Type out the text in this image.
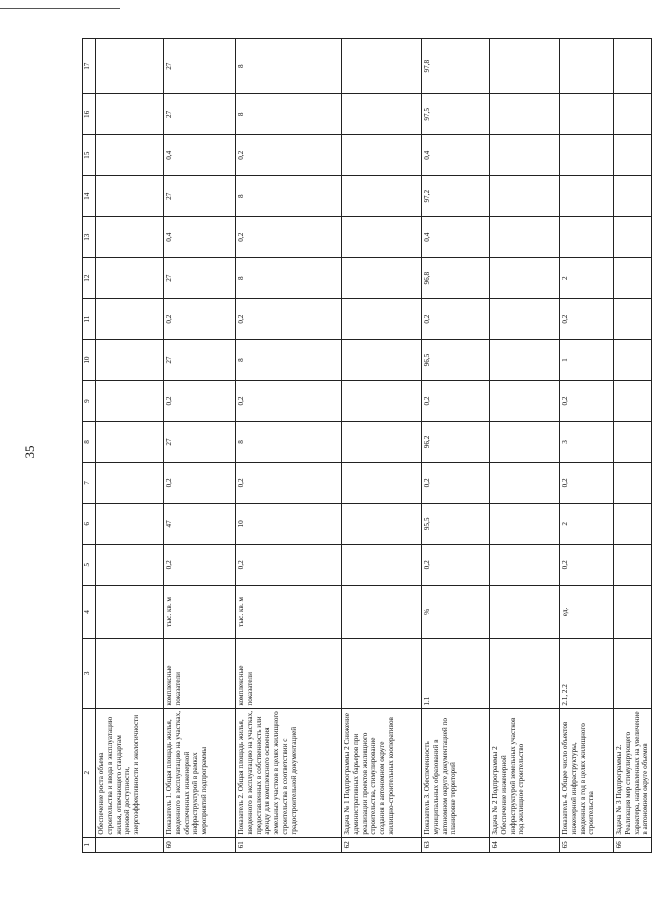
35
1	2	3	4	5	6	7	8	9	10	11	12	13	14	15	16	17
	Обеспечение роста объема строительства и ввода в эксплуатацию жилья, отвечающего стандартам ценовой доступности, энергоэффективности и экологичности															
60	Показатель 1. Общая площадь жилья, введенного в эксплуатацию на участках, обеспеченных инженерной инфраструктурой в рамках мероприятий подпрограммы	комплексные показатели	тыс. кв. м	0,2	47	0,2	27	0,2	27	0,2	27	0,4	27	0,4	27	27
61	Показатель 2. Общая площадь жилья, введенного в эксплуатацию на участках, предоставленных в собственность или аренду для комплексного освоения земельных участков в целях жилищного строительства в соответствии с градостроительной документацией	комплексные показатели	тыс. кв. м	0,2	10	0,2	8	0,2	8	0,2	8	0,2	8	0,2	8	8
62	Задача № 1 Подпрограммы 2 Снижение административных барьеров при реализации проектов жилищного строительства, стимулирование создания в автономном округе жилищно-строительных кооперативов															
63	Показатель 3. Обеспеченность муниципальных образований в автономном округе документацией по планировке территорий	1.1	%	0,2	95,5	0,2	96,2	0,2	96,5	0,2	96,8	0,4	97,2	0,4	97,5	97,8
64	Задача № 2 Подпрограммы 2 Обеспечение инженерной инфраструктурой земельных участков под жилищное строительство															
65	Показатель 4. Общее число объектов инженерной инфраструктуры, введенных в год в целях жилищного строительства	2.1, 2.2	ед.	0,2	2	0,2	3	0,2	1	0,2	2					
66	Задача № 3 Подпрограммы 2. Реализация мер стимулирующего характера, направленных на увеличение в автономном округе объемов															
